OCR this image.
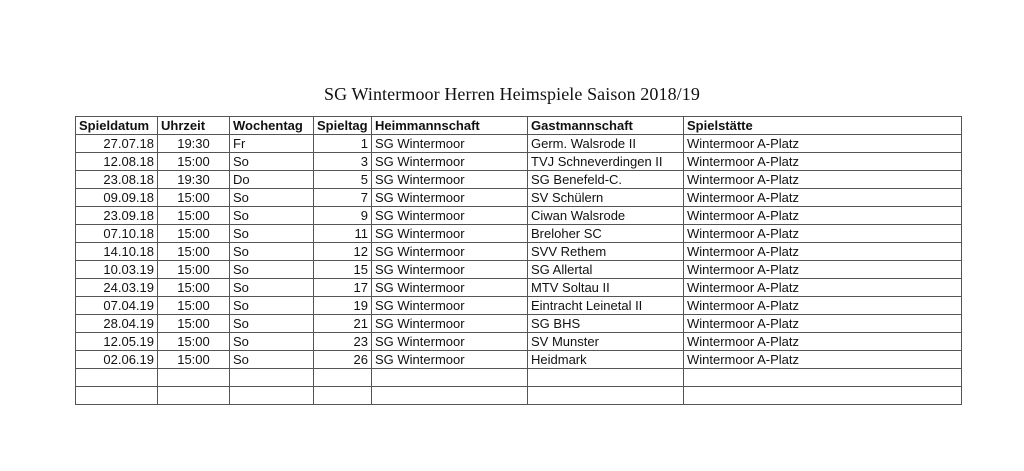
SG Wintermoor Herren Heimspiele Saison 2018/19
Spieldatum	Uhrzeit	Wochentag	Spieltag	Heimmannschaft	Gastmannschaft	Spielstätte
27.07.18	19:30	Fr	1	SG Wintermoor	Germ. Walsrode II	Wintermoor A-Platz
12.08.18	15:00	So	3	SG Wintermoor	TVJ Schneverdingen II	Wintermoor A-Platz
23.08.18	19:30	Do	5	SG Wintermoor	SG Benefeld-C.	Wintermoor A-Platz
09.09.18	15:00	So	7	SG Wintermoor	SV Schülern	Wintermoor A-Platz
23.09.18	15:00	So	9	SG Wintermoor	Ciwan Walsrode	Wintermoor A-Platz
07.10.18	15:00	So	11	SG Wintermoor	Breloher SC	Wintermoor A-Platz
14.10.18	15:00	So	12	SG Wintermoor	SVV Rethem	Wintermoor A-Platz
10.03.19	15:00	So	15	SG Wintermoor	SG Allertal	Wintermoor A-Platz
24.03.19	15:00	So	17	SG Wintermoor	MTV Soltau II	Wintermoor A-Platz
07.04.19	15:00	So	19	SG Wintermoor	Eintracht Leinetal II	Wintermoor A-Platz
28.04.19	15:00	So	21	SG Wintermoor	SG BHS	Wintermoor A-Platz
12.05.19	15:00	So	23	SG Wintermoor	SV Munster	Wintermoor A-Platz
02.06.19	15:00	So	26	SG Wintermoor	Heidmark	Wintermoor A-Platz
